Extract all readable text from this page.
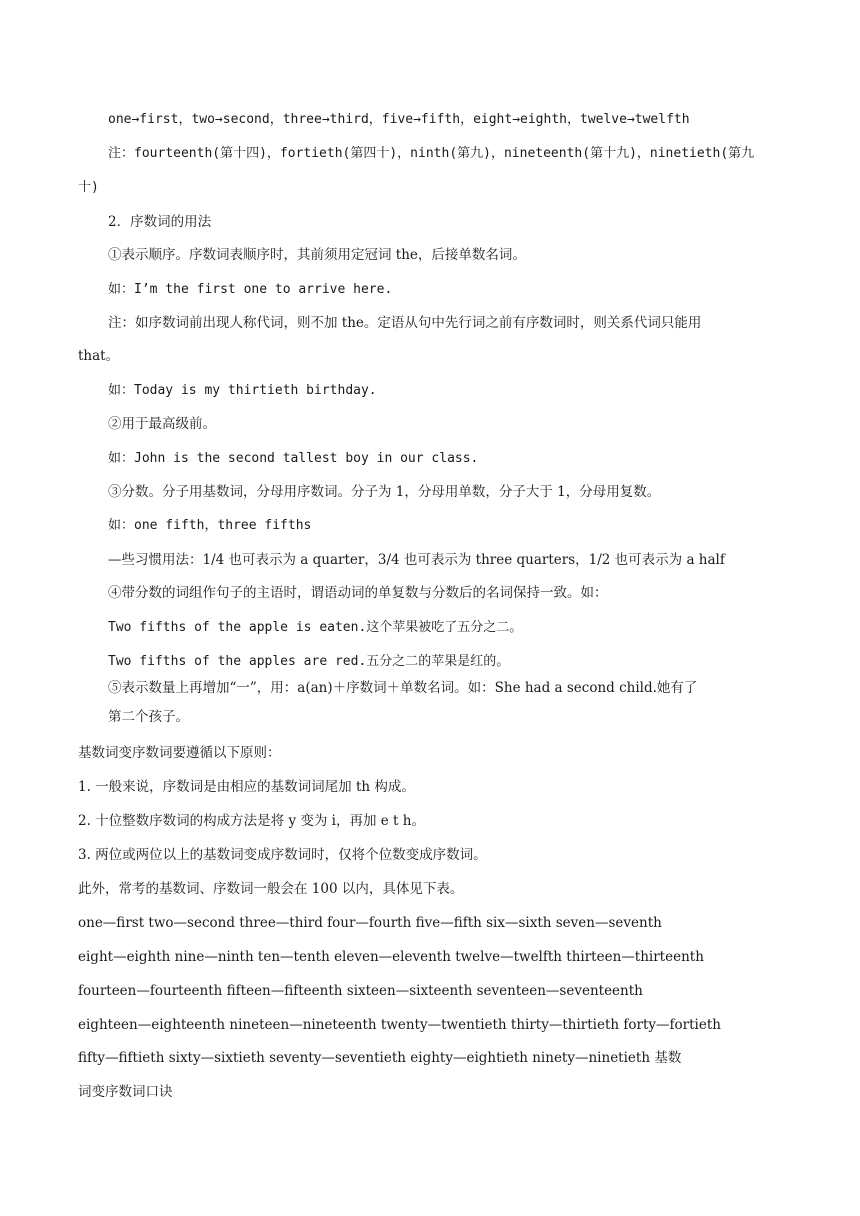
one→first，two→second，three→third，five→fifth，eight→eighth，twelve→twelfth
注：fourteenth(第十四)，fortieth(第四十)，ninth(第九)，nineteenth(第十九)，ninetieth(第九
十)
2．序数词的用法
①表示顺序。序数词表顺序时，其前须用定冠词 the，后接单数名词。
如：I’m the first one to arrive here.
注：如序数词前出现人称代词，则不加 the。定语从句中先行词之前有序数词时，则关系代词只能用
that。
如：Today is my thirtieth birthday.
②用于最高级前。
如：John is the second tallest boy in our class.
③分数。分子用基数词，分母用序数词。分子为 1，分母用单数，分子大于 1，分母用复数。
如：one fifth，three fifths
—些习惯用法：1/4 也可表示为 a quarter，3/4 也可表示为 three quarters，1/2 也可表示为 a half
④带分数的词组作句子的主语时，谓语动词的单复数与分数后的名词保持一致。如：
Two fifths of the apple is eaten.这个苹果被吃了五分之二。
Two fifths of the apples are red.五分之二的苹果是红的。
⑤表示数量上再增加“一”，用：a(an)＋序数词＋单数名词。如：She had a second child.她有了
第二个孩子。
基数词变序数词要遵循以下原则：
1. 一般来说，序数词是由相应的基数词词尾加 th 构成。
2. 十位整数序数词的构成方法是将 y 变为 i，再加 e t h。
3. 两位或两位以上的基数词变成序数词时，仅将个位数变成序数词。
此外，常考的基数词、序数词一般会在 100 以内，具体见下表。
one—first two—second three—third four—fourth five—fifth six—sixth seven—seventh
eight—eighth nine—ninth ten—tenth eleven—eleventh twelve—twelfth thirteen—thirteenth
fourteen—fourteenth fifteen—fifteenth sixteen—sixteenth seventeen—seventeenth
eighteen—eighteenth nineteen—nineteenth twenty—twentieth thirty—thirtieth forty—fortieth
fifty—fiftieth sixty—sixtieth seventy—seventieth eighty—eightieth ninety—ninetieth 基数
词变序数词口诀
